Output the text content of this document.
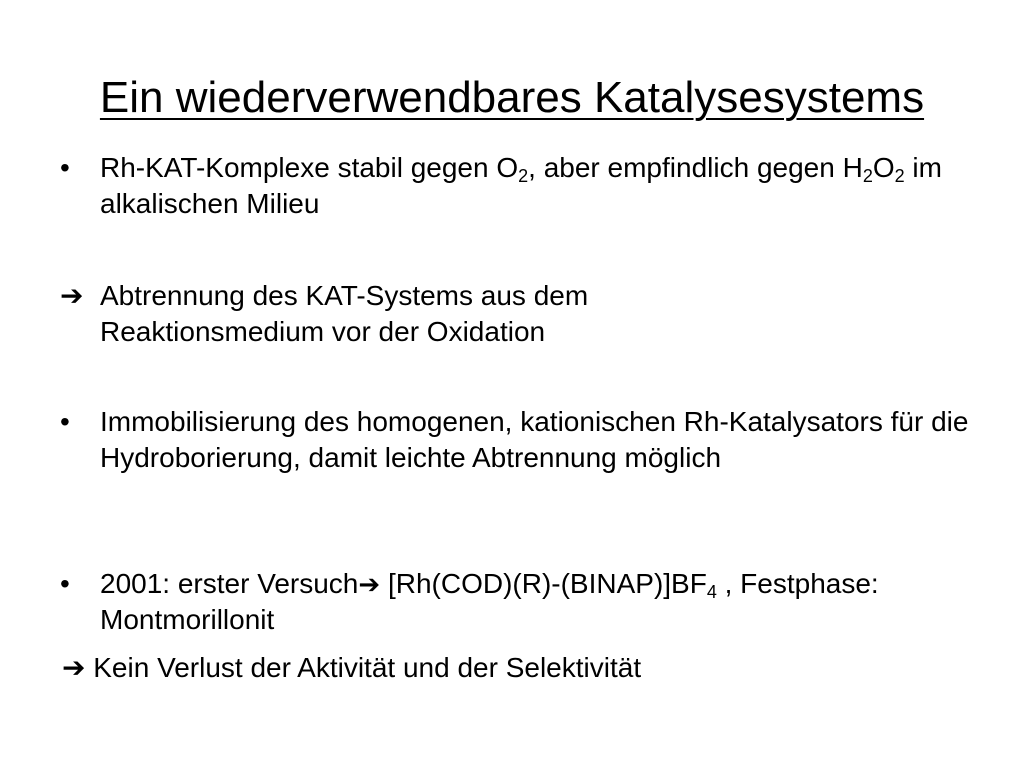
Ein wiederverwendbares Katalysesystems
•	Rh-KAT-Komplexe stabil gegen $O_2$, aber empfindlich gegen $H_2O_2$ im alkalischen Milieu
➔ Abtrennung des KAT-Systems aus dem
Reaktionsmedium vor der Oxidation
•	Immobilisierung des homogenen, kationischen Rh-Katalysators für die Hydroborierung, damit leichte Abtrennung möglich
•	2001: erster Versuch➔ $[Rh(COD)(R)-(BINAP)]BF_4$ , Festphase: Montmorillonit
➔ Kein Verlust der Aktivität und der Selektivität
